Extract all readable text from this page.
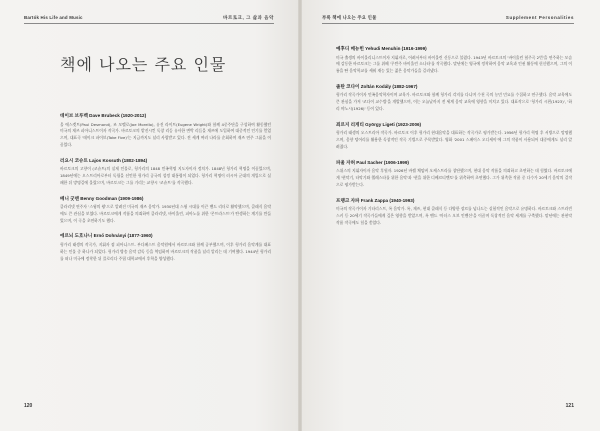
Bartók His Life and Music	바르토크, 그 삶과 음악
책에 나오는 주요 인물
데이브 브루벡 Dave Brubeck (1920-2012)
올 에스켓트(Paul Desmond), 조 모렐로(Joe Morello), 유진 라이트(Eugene Wright)와 함께 4중주단을 구성하여 활동했던 미국의 재즈 피아니스트이자 작곡가. 바르토크의 밭진시킨 독창 리듬 유사한 변박 리듬을 재즈에 도입하여 대중적인 인기를 얻었으며, 대표곡 '테이크 파이브(Take Five)'는 지금까지도 널리 사랑받고 있다. 전 세계 여러 나라를 순회하며 재즈 연주 그룹을 이끌었다.
러요시 코슈트 Lajos Kossuth (1802-1894)
바르토크의 고향이 (코슈트)의 실제 인물로, 헝가리의 1848 민족혁명 지도자이자 정치가. 1848년 헝가리 혁명을 이끌었으며, 1849년에는 오스트리아로부터 독립을 선언한 헝가리 공국의 섭정 대통령이 되었다. 헝가리 혁명이 러시아 군대의 개입으로 실패한 뒤 망명길에 올랐으며, 바르토크는 그를 기리는 교향시 '코슈트'를 작곡했다.
베니 굿맨 Benny Goodman (1909-1986)
클라리넷 연주자 '스윙의 왕'으로 알려진 미국의 재즈 음악가. 1930년대 스윙 시대를 이끈 밴드 리더로 활약했으며, 클래식 음악에도 큰 관심을 보였다. 바르토크에게 작품을 의뢰하여 클라리넷, 바이올린, 피아노를 위한 '콘트라스트'가 탄생하는 계기를 만들었으며, 이 곡을 초연하기도 했다.
에르뇌 도흐나니 Ernő Dohnányi (1877-1960)
헝가리 태생의 작곡가, 지휘자 겸 피아니스트. 부다페스트 음악원에서 바르토크와 함께 공부했으며, 이후 헝가리 음악계를 대표하는 인물 중 하나가 되었다. 헝가리 방송 음악 감독 등을 역임하며 바르토크의 작품을 널리 알리는 데 기여했다. 1944년 헝가리를 떠나 미국에 정착한 뒤 플로리다 주립 대학교에서 후학을 양성했다.
120
부록 책에 나오는 주요 인물	Supplement Personalities
예후디 메뉴힌 Yehudi Menuhin (1916-1999)
미국 출생의 바이올리니스트이자 지휘자로, 어려서부터 바이올린 신동으로 불렸다. 1943년 바르토크의 '바이올린 협주곡 2번'을 연주하는 모습에 감동한 바르토크는 그를 위해 '무반주 바이올린 소나타'를 작곡했다. 말년에는 영국에 정착하여 음악 교육과 인권 활동에 헌신했으며, 그의 이름을 딴 음악학교를 세워 재능 있는 젊은 음악가들을 길러냈다.
졸탄 코다이 Zoltán Kodály (1882-1967)
헝가리 작곡가이자 민족음악학자이며 교육가. 바르토크와 함께 헝가리 각지를 다니며 수천 곡의 농민 민요를 수집하고 연구했다. 음악 교육에도 큰 관심을 가져 '코다이 교수법'을 개발했으며, 이는 오늘날까지 전 세계 음악 교육에 영향을 미치고 있다. 대표작으로 '헝가리 시편(1923)', '하리 야노시(1926)' 등이 있다.
죄르지 리게티 György Ligeti (1923-2006)
헝가리 태생의 오스트리아 작곡가. 바르토크 이후 헝가리 현대음악을 대표하는 작곡가로 평가받는다. 1956년 헝가리 혁명 후 서방으로 망명했으며, 음향 덩어리를 활용한 독창적인 작곡 기법으로 주목받았다. 영화 '2001 스페이스 오디세이'에 그의 작품이 사용되어 대중에게도 널리 알려졌다.
파울 자허 Paul Sacher (1906-1999)
스위스의 지휘자이자 음악 후원자. 1926년 바젤 체임버 오케스트라를 창단했으며, 현대 음악 작품을 의뢰하고 초연하는 데 힘썼다. 바르토크에게 '현악기, 타악기와 첼레스타를 위한 음악'과 '현을 위한 디베르티멘토'를 위촉하여 초연했다. 그가 위촉한 작품 중 다수가 20세기 음악의 걸작으로 평가받는다.
프랭크 자파 Frank Zappa (1940-1993)
미국의 작곡가이자 기타리스트, 록 음악가. 록, 재즈, 현대 클래식 등 다양한 장르를 넘나드는 실험적인 음악으로 유명하다. 바르토크와 스트라빈스키 등 20세기 작곡가들에게 깊은 영향을 받았으며, 록 밴드 '마더스 오브 인벤션'을 이끌며 독창적인 음악 세계를 구축했다. 말년에는 관현악 작품 작곡에도 힘을 쏟았다.
121
